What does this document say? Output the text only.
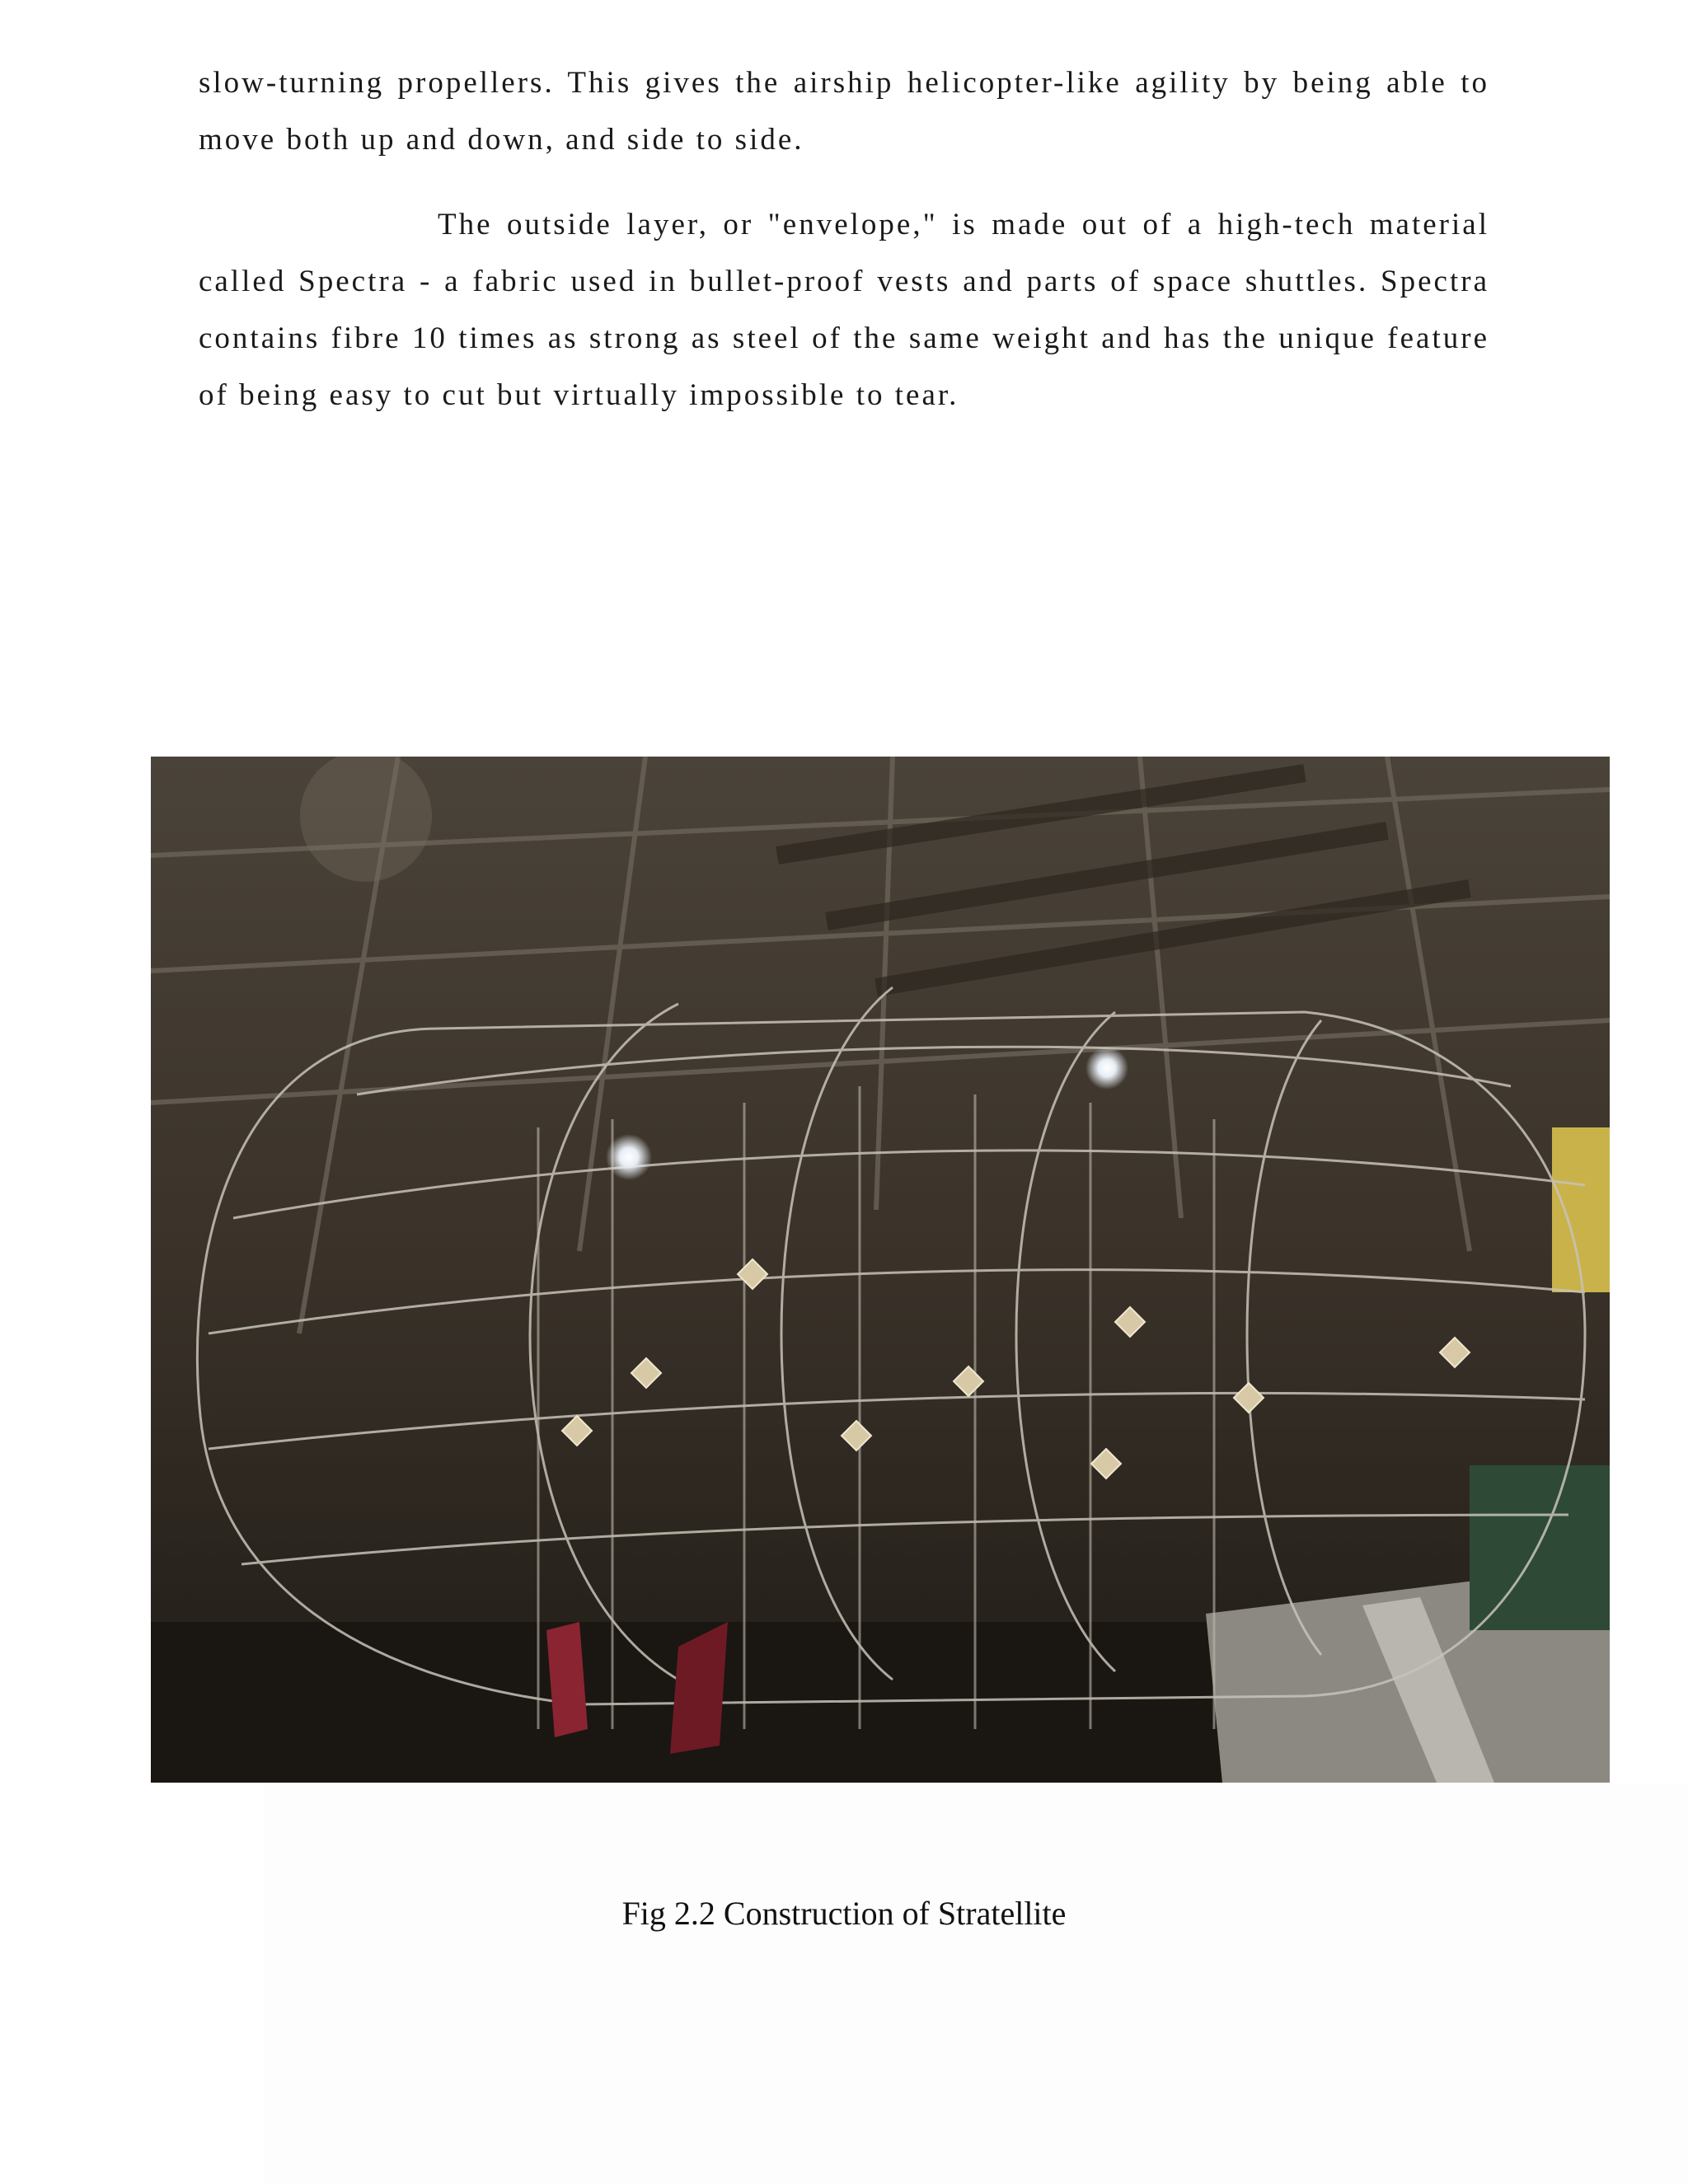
slow-turning propellers. This gives the airship helicopter-like agility by being able to move both up and down, and side to side.

The outside layer, or "envelope," is made out of a high-tech material called Spectra - a fabric used in bullet-proof vests and parts of space shuttles. Spectra contains fibre 10 times as strong as steel of the same weight and has the unique feature of being easy to cut but virtually impossible to tear.

Fig 2.2 Construction of Stratellite
